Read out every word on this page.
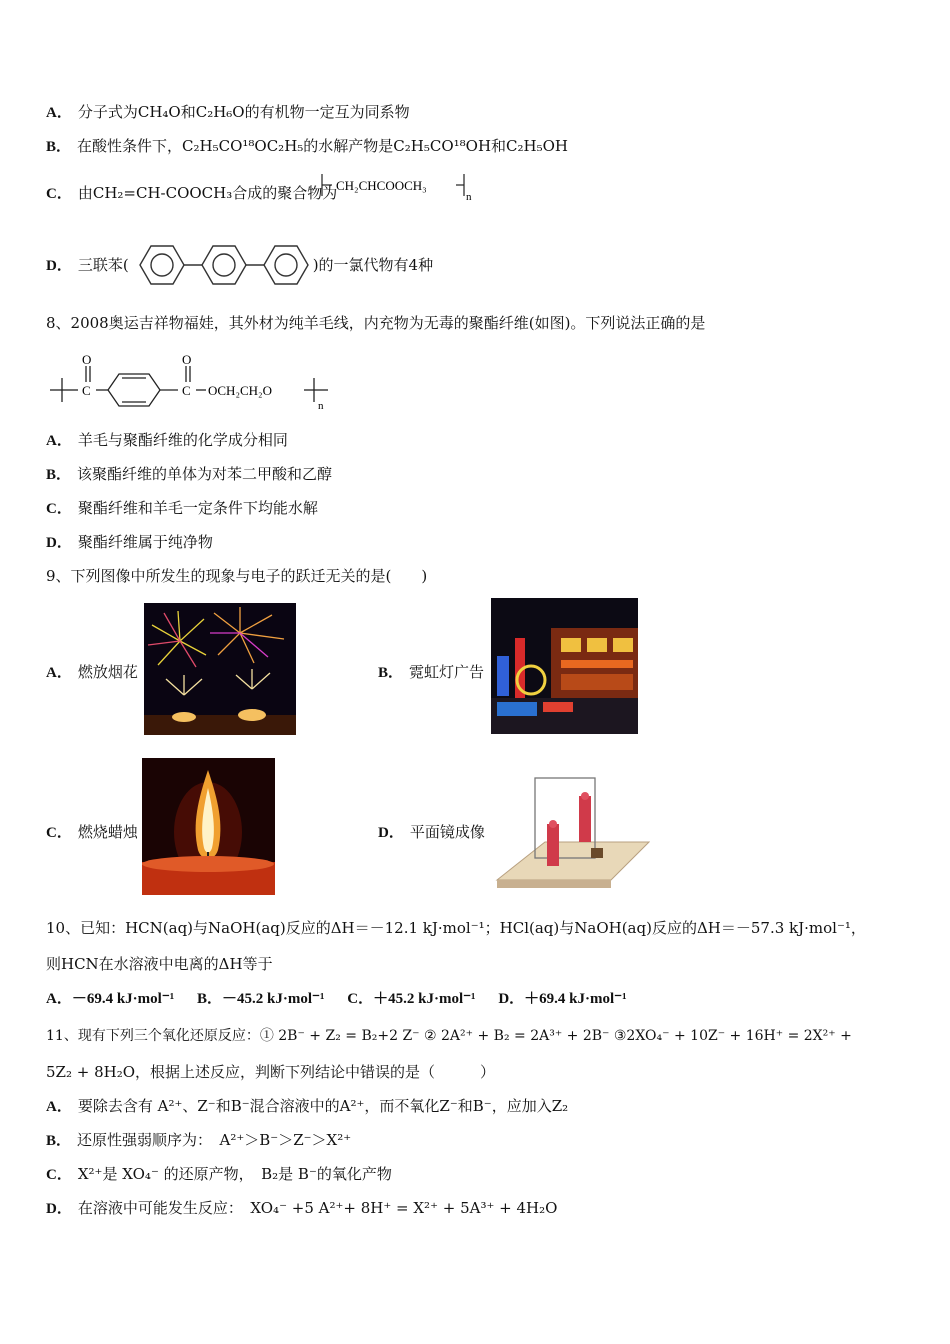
A． 分子式为CH₄O和C₂H₆O的有机物一定互为同系物
B． 在酸性条件下，C₂H₅CO¹⁸OC₂H₅的水解产物是C₂H₅CO¹⁸OH和C₂H₅OH
C． 由CH₂=CH-COOCH₃合成的聚合物为
CH₂CHCOOCH₃
n
D． 三联苯(	)的一氯代物有4种
8、2008奥运吉祥物福娃，其外材为纯羊毛线，内充物为无毒的聚酯纤维(如图)。下列说法正确的是
O
C
O
C OCH₂CH₂O
n
A． 羊毛与聚酯纤维的化学成分相同
B． 该聚酯纤维的单体为对苯二甲酸和乙醇
C． 聚酯纤维和羊毛一定条件下均能水解
D． 聚酯纤维属于纯净物
9、下列图像中所发生的现象与电子的跃迁无关的是(　　)
A． 燃放烟花	B． 霓虹灯广告
C． 燃烧蜡烛	D． 平面镜成像
10、已知：HCN(aq)与NaOH(aq)反应的ΔH＝－12.1 kJ·mol⁻¹；HCl(aq)与NaOH(aq)反应的ΔH＝－57.3 kJ·mol⁻¹，
则HCN在水溶液中电离的ΔH等于
A．－69.4 kJ·mol⁻¹ B．－45.2 kJ·mol⁻¹ C．＋45.2 kJ·mol⁻¹ D．＋69.4 kJ·mol⁻¹
11、现有下列三个氧化还原反应：① 2B⁻ + Z₂ = B₂+2 Z⁻ ② 2A²⁺ + B₂ = 2A³⁺ + 2B⁻ ③2XO₄⁻ + 10Z⁻ + 16H⁺ = 2X²⁺ +
5Z₂ + 8H₂O，根据上述反应，判断下列结论中错误的是（　　　）
A． 要除去含有 A²⁺、Z⁻和B⁻混合溶液中的A²⁺，而不氧化Z⁻和B⁻，应加入Z₂
B． 还原性强弱顺序为：　A²⁺＞B⁻＞Z⁻＞X²⁺
C． X²⁺是 XO₄⁻ 的还原产物，　B₂是 B⁻的氧化产物
D． 在溶液中可能发生反应：　XO₄⁻ +5 A²⁺+ 8H⁺ = X²⁺ + 5A³⁺ + 4H₂O
